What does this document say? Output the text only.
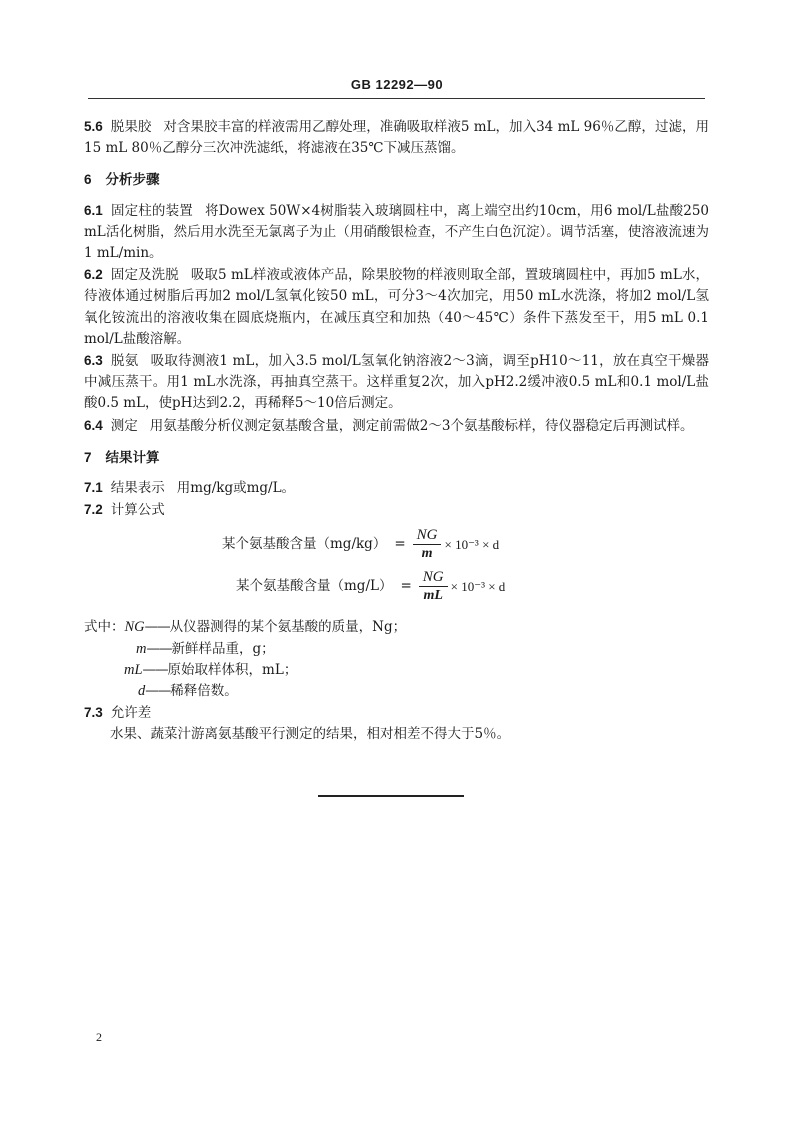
GB 12292—90

5.6 脱果胶 对含果胶丰富的样液需用乙醇处理，准确吸取样液5 mL，加入34 mL 96％乙醇，过滤，用15 mL 80％乙醇分三次冲洗滤纸，将滤液在35℃下减压蒸馏。

6 分析步骤

6.1 固定柱的装置 将Dowex 50W×4树脂装入玻璃圆柱中，离上端空出约10cm，用6 mol/L盐酸250 mL活化树脂，然后用水洗至无氯离子为止（用硝酸银检查，不产生白色沉淀）。调节活塞，使溶液流速为1 mL/min。

6.2 固定及洗脱 吸取5 mL样液或液体产品，除果胶物的样液则取全部，置玻璃圆柱中，再加5 mL水，待液体通过树脂后再加2 mol/L氢氧化铵50 mL，可分3～4次加完，用50 mL水洗涤，将加2 mol/L氢氧化铵流出的溶液收集在圆底烧瓶内，在减压真空和加热（40～45℃）条件下蒸发至干，用5 mL 0.1 mol/L盐酸溶解。

6.3 脱氨 吸取待测液1 mL，加入3.5 mol/L氢氧化钠溶液2～3滴，调至pH10～11，放在真空干燥器中减压蒸干。用1 mL水洗涤，再抽真空蒸干。这样重复2次，加入pH2.2缓冲液0.5 mL和0.1 mol/L盐酸0.5 mL，使pH达到2.2，再稀释5～10倍后测定。

6.4 测定 用氨基酸分析仪测定氨基酸含量，测定前需做2～3个氨基酸标样，待仪器稳定后再测试样。

7 结果计算

7.1 结果表示 用mg/kg或mg/L。

7.2 计算公式

某个氨基酸含量$(mg/kg) = \frac{NG}{m} \times 10^{-3} \times d$
某个氨基酸含量$(mg/L) = \frac{NG}{mL} \times 10^{-3} \times d$
式中：NG——从仪器测得的某个氨基酸的质量，Ng；
m——新鲜样品重，g；
mL——原始取样体积，mL；
d——稀释倍数。

7.3 允许差

水果、蔬菜汁游离氨基酸平行测定的结果，相对相差不得大于5％。

2
